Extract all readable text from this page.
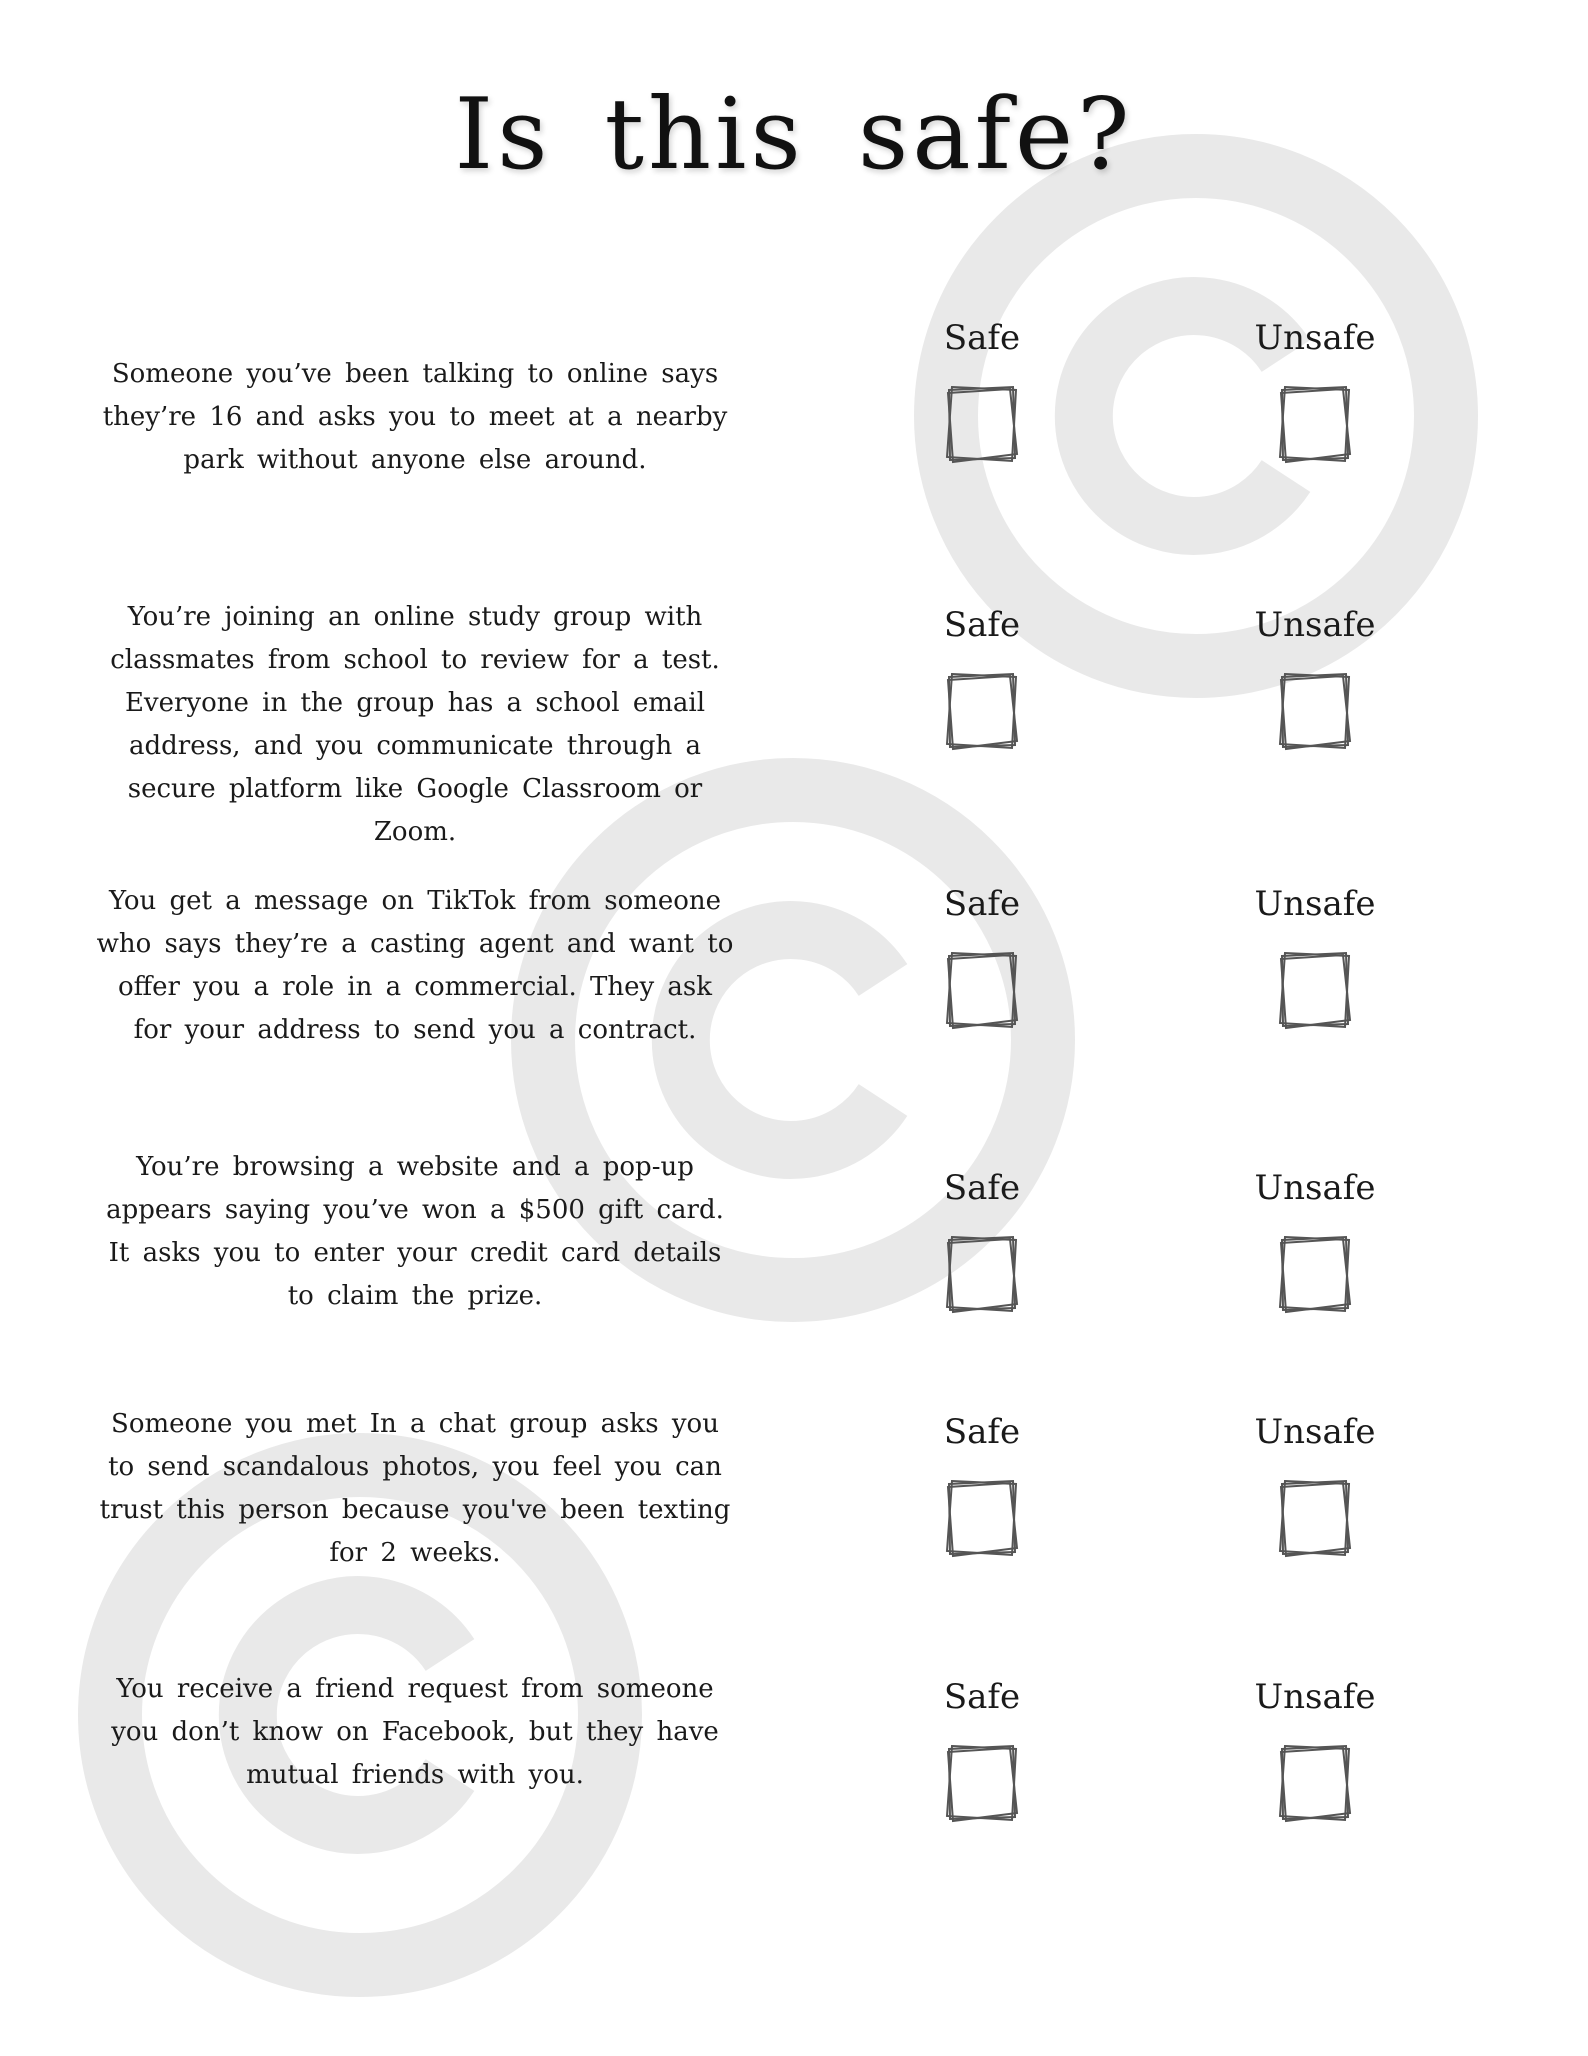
Is this safe?

Someone you’ve been talking to online says they’re 16 and asks you to meet at a nearby park without anyone else around.

Safe	Unsafe

You’re joining an online study group with classmates from school to review for a test. Everyone in the group has a school email address, and you communicate through a secure platform like Google Classroom or Zoom.

Safe	Unsafe

You get a message on TikTok from someone who says they’re a casting agent and want to offer you a role in a commercial. They ask for your address to send you a contract.

Safe	Unsafe

You’re browsing a website and a pop-up appears saying you’ve won a $500 gift card. It asks you to enter your credit card details to claim the prize.

Safe	Unsafe

Someone you met In a chat group asks you to send scandalous photos, you feel you can trust this person because you've been texting for 2 weeks.

Safe	Unsafe

You receive a friend request from someone you don’t know on Facebook, but they have mutual friends with you.

Safe	Unsafe
